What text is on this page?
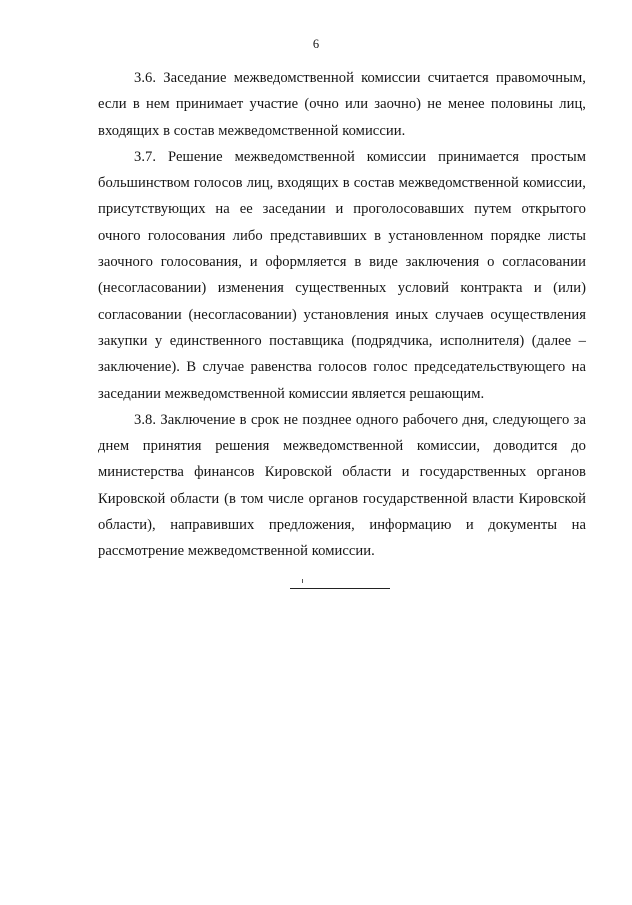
6

3.6. Заседание межведомственной комиссии считается правомочным, если в нем принимает участие (очно или заочно) не менее половины лиц, входящих в состав межведомственной комиссии.

3.7. Решение межведомственной комиссии принимается простым большинством голосов лиц, входящих в состав межведомственной комиссии, присутствующих на ее заседании и проголосовавших путем открытого очного голосования либо представивших в установленном порядке листы заочного голосования, и оформляется в виде заключения о согласовании (несогласовании) изменения существенных условий контракта и (или) согласовании (несогласовании) установления иных случаев осуществления закупки у единственного поставщика (подрядчика, исполнителя) (далее – заключение). В случае равенства голосов голос председательствующего на заседании межведомственной комиссии является решающим.

3.8. Заключение в срок не позднее одного рабочего дня, следующего за днем принятия решения межведомственной комиссии, доводится до министерства финансов Кировской области и государственных органов Кировской области (в том числе органов государственной власти Кировской области), направивших предложения, информацию и документы на рассмотрение межведомственной комиссии.
